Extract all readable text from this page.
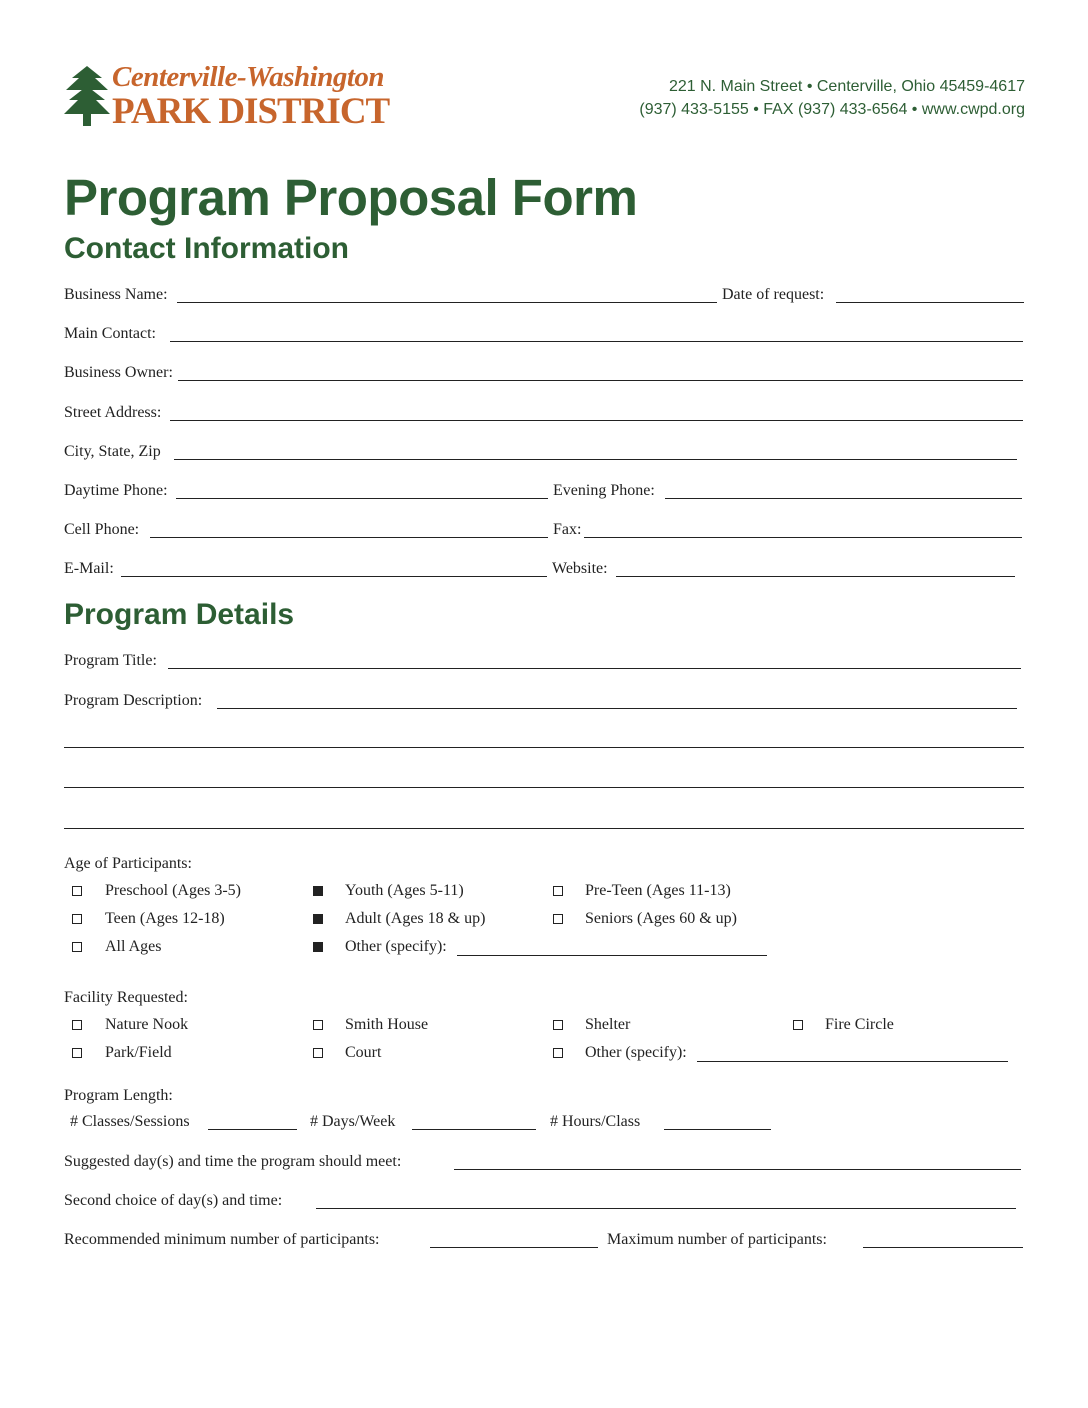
Centerville-Washington
PARK DISTRICT
221 N. Main Street • Centerville, Ohio 45459-4617
(937) 433-5155 • FAX (937) 433-6564 • www.cwpd.org
Program Proposal Form
Contact Information
Business Name:	Date of request:
Main Contact:
Business Owner:
Street Address:
City, State, Zip
Daytime Phone:	Evening Phone:
Cell Phone:	Fax:
E-Mail:	Website:
Program Details
Program Title:
Program Description:
Age of Participants:
Preschool (Ages 3-5)	Youth (Ages 5-11)	Pre-Teen (Ages 11-13)
Teen (Ages 12-18)	Adult (Ages 18 & up)	Seniors (Ages 60 & up)
All Ages	Other (specify):
Facility Requested:
Nature Nook	Smith House	Shelter	Fire Circle
Park/Field	Court	Other (specify):
Program Length:
# Classes/Sessions	# Days/Week	# Hours/Class
Suggested day(s) and time the program should meet:
Second choice of day(s) and time:
Recommended minimum number of participants:	Maximum number of participants:
